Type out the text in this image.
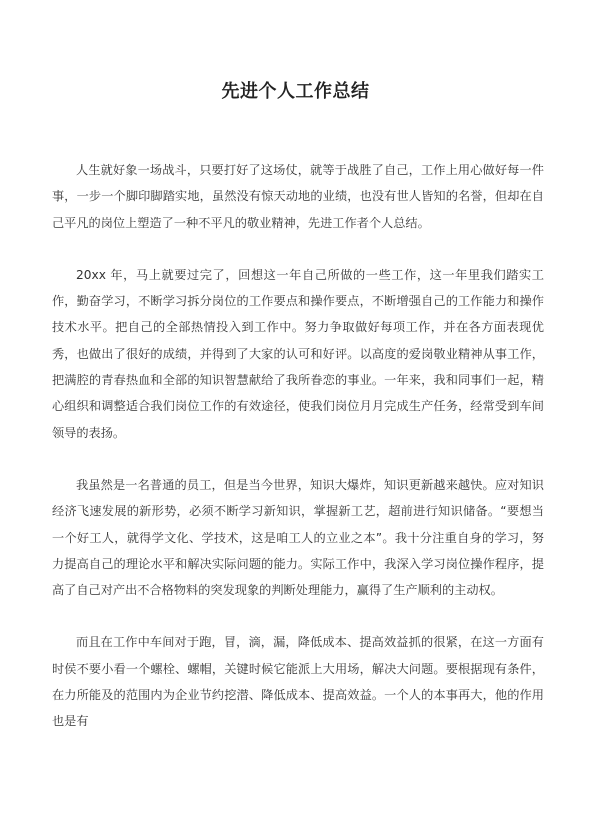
先进个人工作总结

人生就好象一场战斗，只要打好了这场仗，就等于战胜了自己，工作上用心做好每一件事，一步一个脚印脚踏实地，虽然没有惊天动地的业绩，也没有世人皆知的名誉，但却在自己平凡的岗位上塑造了一种不平凡的敬业精神，先进工作者个人总结。

20xx 年，马上就要过完了，回想这一年自己所做的一些工作，这一年里我们踏实工作，勤奋学习，不断学习拆分岗位的工作要点和操作要点，不断增强自己的工作能力和操作技术水平。把自己的全部热情投入到工作中。努力争取做好每项工作，并在各方面表现优秀，也做出了很好的成绩，并得到了大家的认可和好评。以高度的爱岗敬业精神从事工作，把满腔的青春热血和全部的知识智慧献给了我所眷恋的事业。一年来，我和同事们一起，精心组织和调整适合我们岗位工作的有效途径，使我们岗位月月完成生产任务，经常受到车间领导的表扬。

我虽然是一名普通的员工，但是当今世界，知识大爆炸，知识更新越来越快。应对知识经济飞速发展的新形势，必须不断学习新知识，掌握新工艺，超前进行知识储备。“要想当一个好工人，就得学文化、学技术，这是咱工人的立业之本”。我十分注重自身的学习，努力提高自己的理论水平和解决实际问题的能力。实际工作中，我深入学习岗位操作程序，提高了自己对产出不合格物料的突发现象的判断处理能力，赢得了生产顺利的主动权。

而且在工作中车间对于跑，冒，滴，漏，降低成本、提高效益抓的很紧，在这一方面有时侯不要小看一个螺栓、螺帽，关键时候它能派上大用场，解决大问题。要根据现有条件，在力所能及的范围内为企业节约挖潜、降低成本、提高效益。一个人的本事再大，他的作用也是有
